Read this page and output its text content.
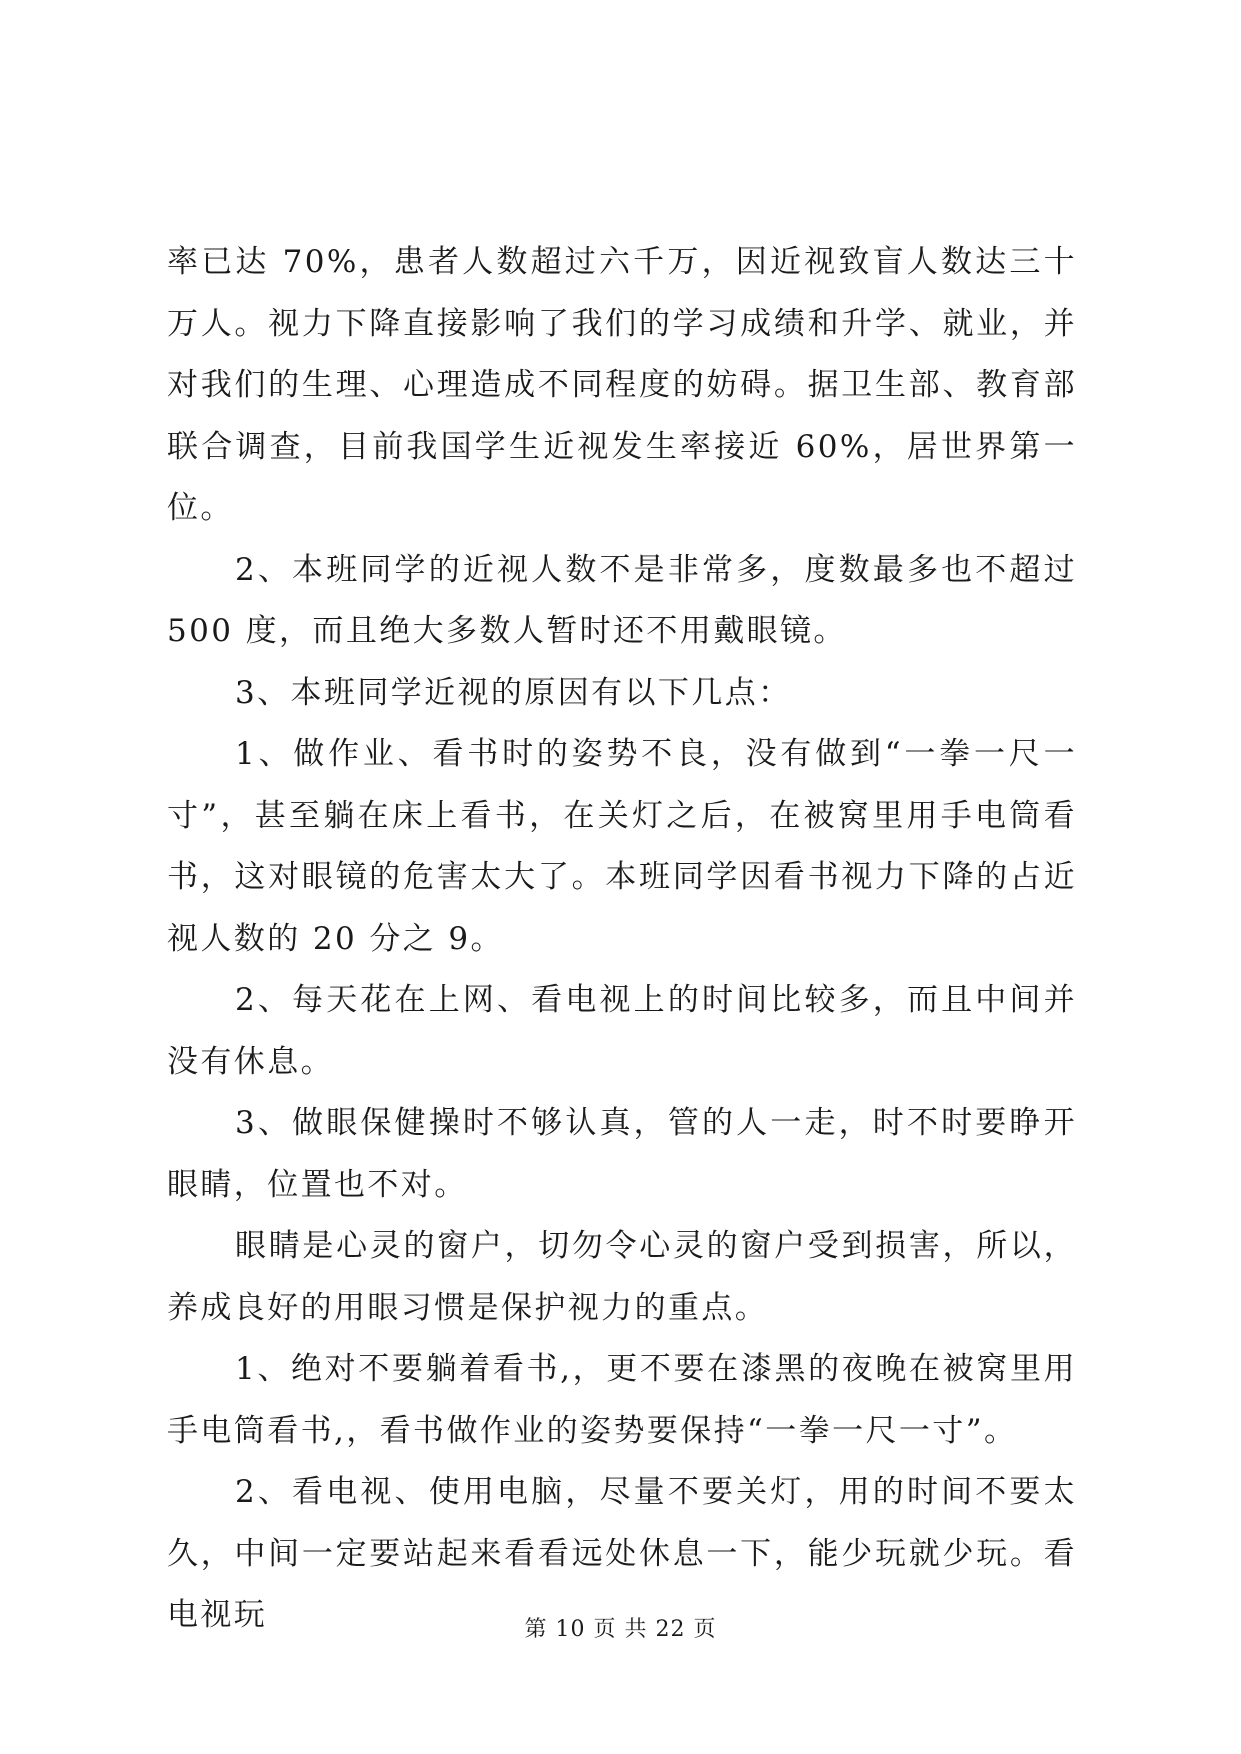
率已达 70%，患者人数超过六千万，因近视致盲人数达三十万人。视力下降直接影响了我们的学习成绩和升学、就业，并对我们的生理、心理造成不同程度的妨碍。据卫生部、教育部联合调查，目前我国学生近视发生率接近 60%，居世界第一位。

2、本班同学的近视人数不是非常多，度数最多也不超过 500 度，而且绝大多数人暂时还不用戴眼镜。

3、本班同学近视的原因有以下几点：

1、做作业、看书时的姿势不良，没有做到“一拳一尺一寸”，甚至躺在床上看书，在关灯之后，在被窝里用手电筒看书，这对眼镜的危害太大了。本班同学因看书视力下降的占近视人数的 20 分之 9。

2、每天花在上网、看电视上的时间比较多，而且中间并没有休息。

3、做眼保健操时不够认真，管的人一走，时不时要睁开眼睛，位置也不对。

眼睛是心灵的窗户，切勿令心灵的窗户受到损害，所以，养成良好的用眼习惯是保护视力的重点。

1、绝对不要躺着看书,，更不要在漆黑的夜晚在被窝里用手电筒看书,，看书做作业的姿势要保持“一拳一尺一寸”。

2、看电视、使用电脑，尽量不要关灯，用的时间不要太久，中间一定要站起来看看远处休息一下，能少玩就少玩。看电视玩	第 10 页 共 22 页
